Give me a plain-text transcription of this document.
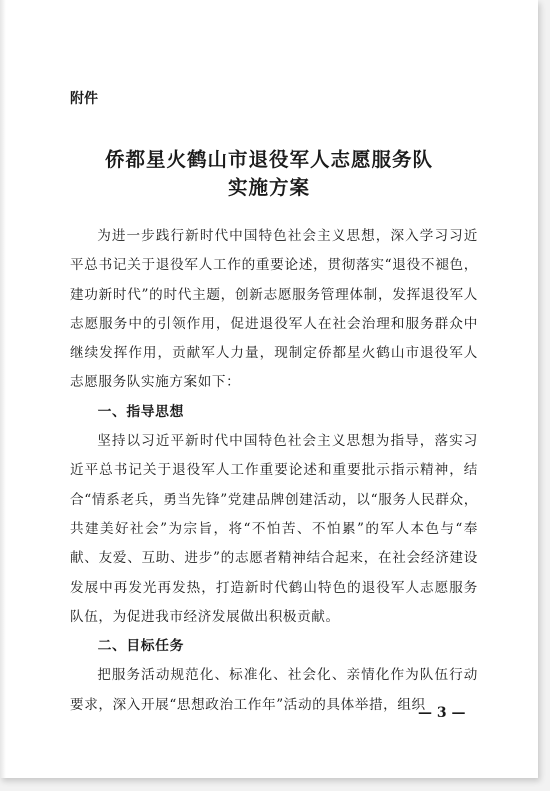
附件
侨都星火鹤山市退役军人志愿服务队
实施方案

为进一步践行新时代中国特色社会主义思想，深入学习习近平总书记关于退役军人工作的重要论述，贯彻落实“退役不褪色，建功新时代”的时代主题，创新志愿服务管理体制，发挥退役军人志愿服务中的引领作用，促进退役军人在社会治理和服务群众中继续发挥作用，贡献军人力量，现制定侨都星火鹤山市退役军人志愿服务队实施方案如下：

一、指导思想

坚持以习近平新时代中国特色社会主义思想为指导，落实习近平总书记关于退役军人工作重要论述和重要批示指示精神，结合“情系老兵，勇当先锋”党建品牌创建活动，以“服务人民群众，共建美好社会”为宗旨，将“不怕苦、不怕累”的军人本色与“奉献、友爱、互助、进步”的志愿者精神结合起来，在社会经济建设发展中再发光再发热，打造新时代鹤山特色的退役军人志愿服务队伍，为促进我市经济发展做出积极贡献。

二、目标任务

把服务活动规范化、标准化、社会化、亲情化作为队伍行动要求，深入开展“思想政治工作年”活动的具体举措，组织

— 3 —
